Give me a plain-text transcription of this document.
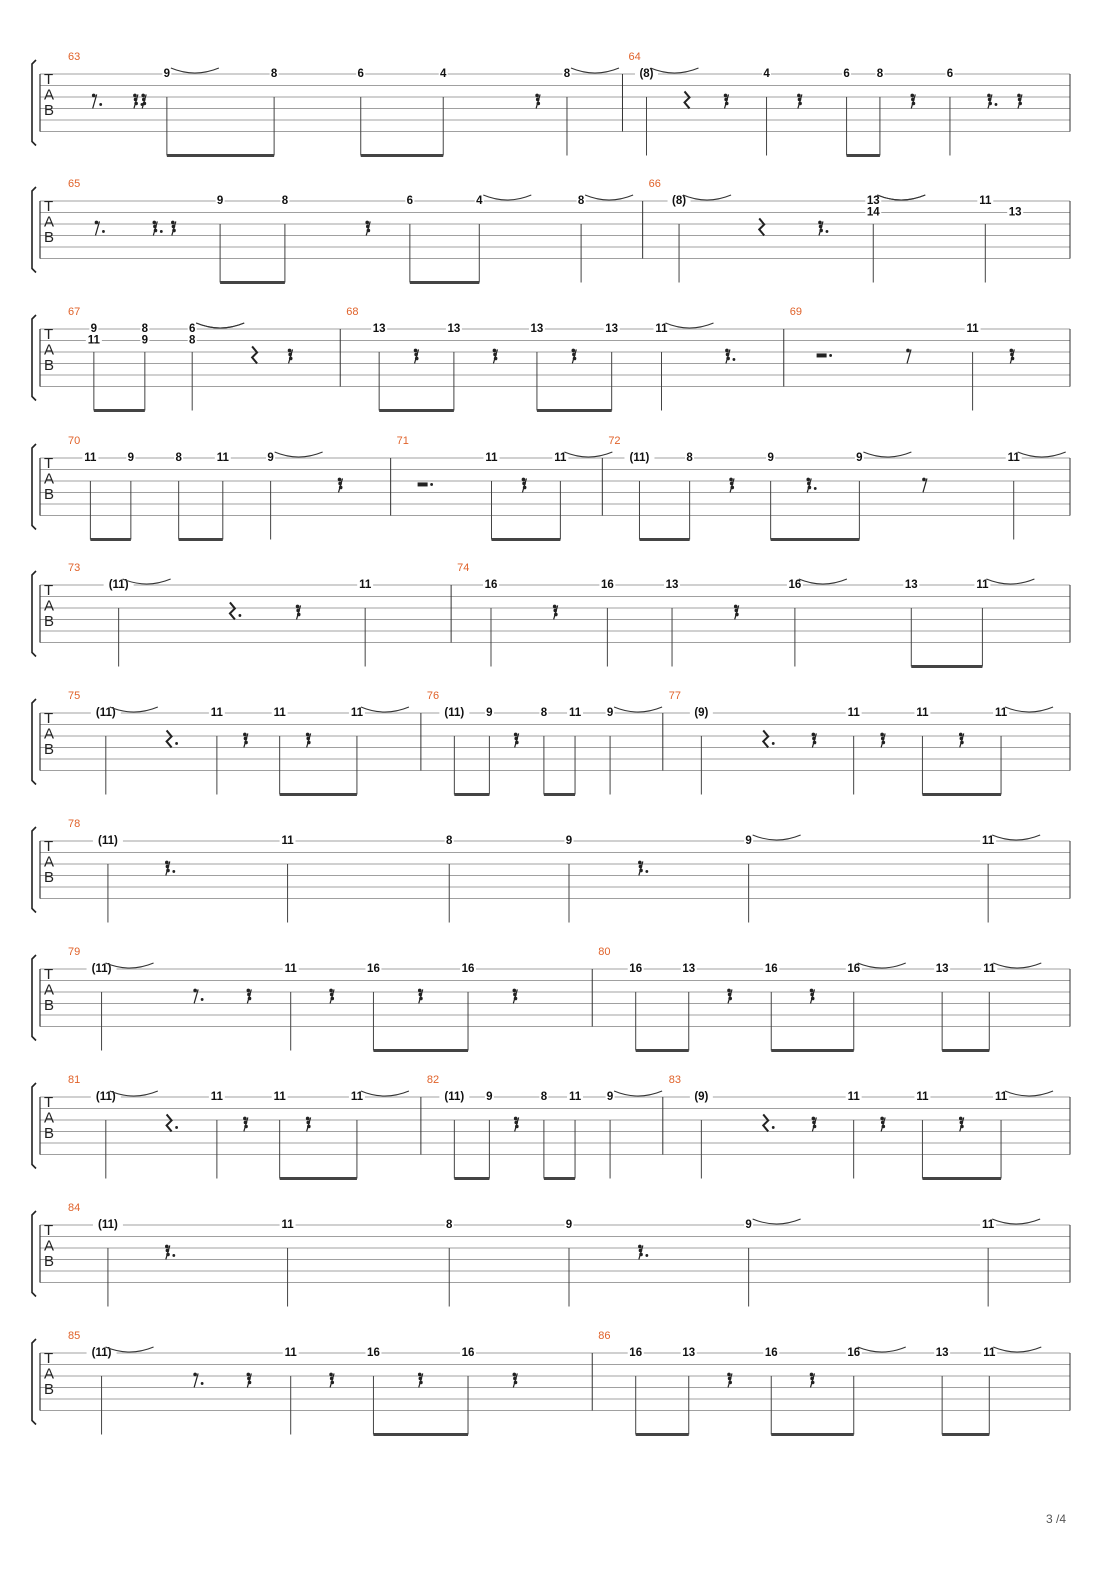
T
A
B
63
9	8	6	4	8
64
(8)	4	6 8	6
T
A
B
65
9	8	6	4	8
66
(8)	13
14
11
13
T
A
B
67
9
11
8
9
6
8
68
13	13	13	13	11
69
11
T
A
B
70
11	9	8	11	9
71
11	11
72
(11)	8	9	9	11
T
A
B
73
(11)	11
74
16	16	13	16	13	11
T
A
B
75
(11)	11	11	11
76
(11) 9	8 11 9
77
(9)	11	11	11
T
A
B
78
(11)	11	8	9	9	11
T
A
B
79
(11)	11	16	16
80
16	13	16	16	13	11
T
A
B
81
(11)	11	11	11
82
(11) 9	8 11 9
83
(9)	11	11	11
T
A
B
84
(11)	11	8	9	9	11
T
A
B
85
(11)	11	16	16
86
16	13	16	16	13	11
3 /4
